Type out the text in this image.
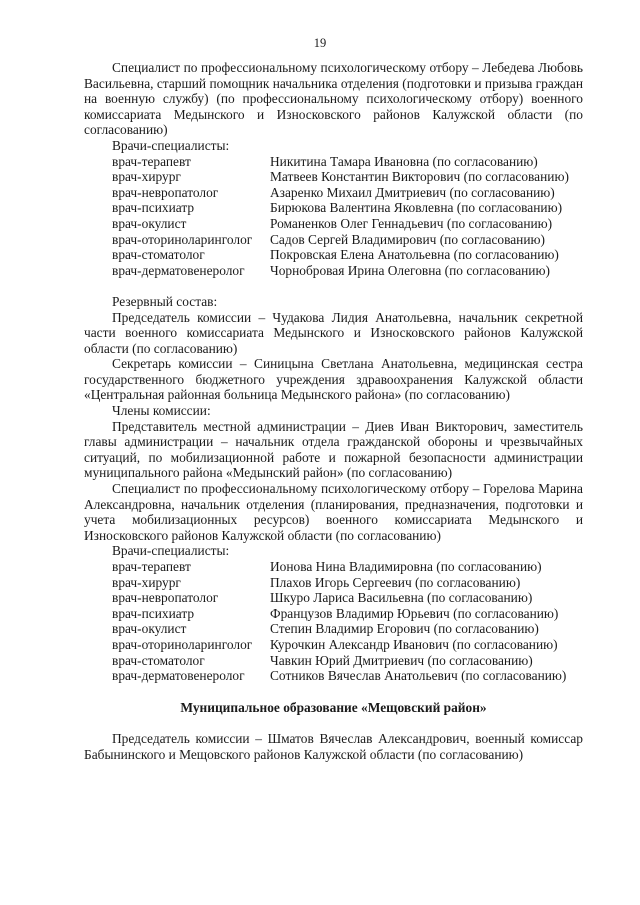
19

Специалист по профессиональному психологическому отбору – Лебедева Любовь Васильевна, старший помощник начальника отделения (подготовки и призыва граждан на военную службу) (по профессиональному психологическому отбору) военного комиссариата Медынского и Износковского районов Калужской области (по согласованию)

Врачи-специалисты:

врач-терапевт	Никитина Тамара Ивановна (по согласованию)
врач-хирург	Матвеев Константин Викторович (по согласованию)
врач-невропатолог	Азаренко Михаил Дмитриевич (по согласованию)
врач-психиатр	Бирюкова Валентина Яковлевна (по согласованию)
врач-окулист	Романенков Олег Геннадьевич (по согласованию)
врач-оториноларинголог	Садов Сергей Владимирович (по согласованию)
врач-стоматолог	Покровская Елена Анатольевна (по согласованию)
врач-дерматовенеролог	Чорнобровая Ирина Олеговна (по согласованию)

Резервный состав:

Председатель комиссии – Чудакова Лидия Анатольевна, начальник секретной части военного комиссариата Медынского и Износковского районов Калужской области (по согласованию)

Секретарь комиссии – Синицына Светлана Анатольевна, медицинская сестра государственного бюджетного учреждения здравоохранения Калужской области «Центральная районная больница Медынского района» (по согласованию)

Члены комиссии:

Представитель местной администрации – Диев Иван Викторович, заместитель главы администрации – начальник отдела гражданской обороны и чрезвычайных ситуаций, по мобилизационной работе и пожарной безопасности администрации муниципального района «Медынский район» (по согласованию)

Специалист по профессиональному психологическому отбору – Горелова Марина Александровна, начальник отделения (планирования, предназначения, подготовки и учета мобилизационных ресурсов) военного комиссариата Медынского и Износковского районов Калужской области (по согласованию)

Врачи-специалисты:

врач-терапевт	Ионова Нина Владимировна (по согласованию)
врач-хирург	Плахов Игорь Сергеевич (по согласованию)
врач-невропатолог	Шкуро Лариса Васильевна (по согласованию)
врач-психиатр	Французов Владимир Юрьевич (по согласованию)
врач-окулист	Степин Владимир Егорович (по согласованию)
врач-оториноларинголог	Курочкин Александр Иванович (по согласованию)
врач-стоматолог	Чавкин Юрий Дмитриевич (по согласованию)
врач-дерматовенеролог	Сотников Вячеслав Анатольевич (по согласованию)

Муниципальное образование «Мещовский район»

Председатель комиссии – Шматов Вячеслав Александрович, военный комиссар Бабынинского и Мещовского районов Калужской области (по согласованию)
